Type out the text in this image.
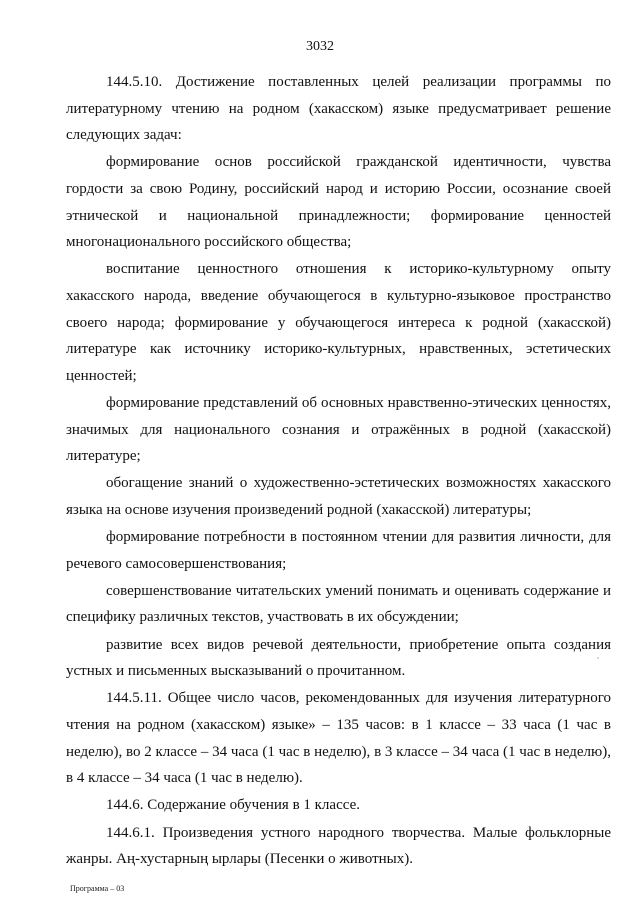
3032

144.5.10. Достижение поставленных целей реализации программы по литературному чтению на родном (хакасском) языке предусматривает решение следующих задач:

формирование основ российской гражданской идентичности, чувства гордости за свою Родину, российский народ и историю России, осознание своей этнической и национальной принадлежности; формирование ценностей многонационального российского общества;

воспитание ценностного отношения к историко-культурному опыту хакасского народа, введение обучающегося в культурно-языковое пространство своего народа; формирование у обучающегося интереса к родной (хакасской) литературе как источнику историко-культурных, нравственных, эстетических ценностей;

формирование представлений об основных нравственно-этических ценностях, значимых для национального сознания и отражённых в родной (хакасской) литературе;

обогащение знаний о художественно-эстетических возможностях хакасского языка на основе изучения произведений родной (хакасской) литературы;

формирование потребности в постоянном чтении для развития личности, для речевого самосовершенствования;

совершенствование читательских умений понимать и оценивать содержание и специфику различных текстов, участвовать в их обсуждении;

развитие всех видов речевой деятельности, приобретение опыта создания устных и письменных высказываний о прочитанном.

144.5.11. Общее число часов, рекомендованных для изучения литературного чтения на родном (хакасском) языке» – 135 часов: в 1 классе – 33 часа (1 час в неделю), во 2 классе – 34 часа (1 час в неделю), в 3 классе – 34 часа (1 час в неделю), в 4 классе – 34 часа (1 час в неделю).

144.6. Содержание обучения в 1 классе.

144.6.1. Произведения устного народного творчества. Малые фольклорные жанры. Аң-хустарның ырлары (Песенки о животных).

Программа – 03
